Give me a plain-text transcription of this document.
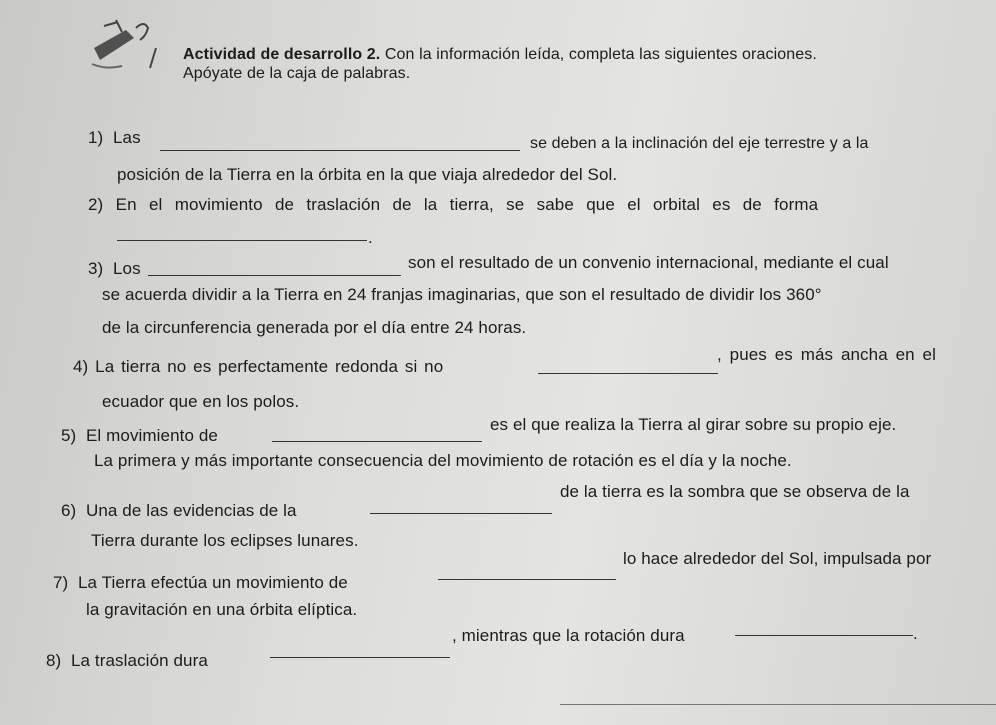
Actividad de desarrollo 2. Con la información leída, completa las siguientes oraciones.
Apóyate de la caja de palabras.
1) Las	se deben a la inclinación del eje terrestre y a la
posición de la Tierra en la órbita en la que viaja alrededor del Sol.
2) En el movimiento de traslación de la tierra, se sabe que el orbital es de forma
.
3) Los	son el resultado de un convenio internacional, mediante el cual
se acuerda dividir a la Tierra en 24 franjas imaginarias, que son el resultado de dividir los 360°
de la circunferencia generada por el día entre 24 horas.
4) La tierra no es perfectamente redonda si no
, pues es más ancha en el
ecuador que en los polos.
5) El movimiento de
es el que realiza la Tierra al girar sobre su propio eje.
La primera y más importante consecuencia del movimiento de rotación es el día y la noche.
6) Una de las evidencias de la
de la tierra es la sombra que se observa de la
Tierra durante los eclipses lunares.
7) La Tierra efectúa un movimiento de
lo hace alrededor del Sol, impulsada por
la gravitación en una órbita elíptica.
8) La traslación dura
, mientras que la rotación dura	.
